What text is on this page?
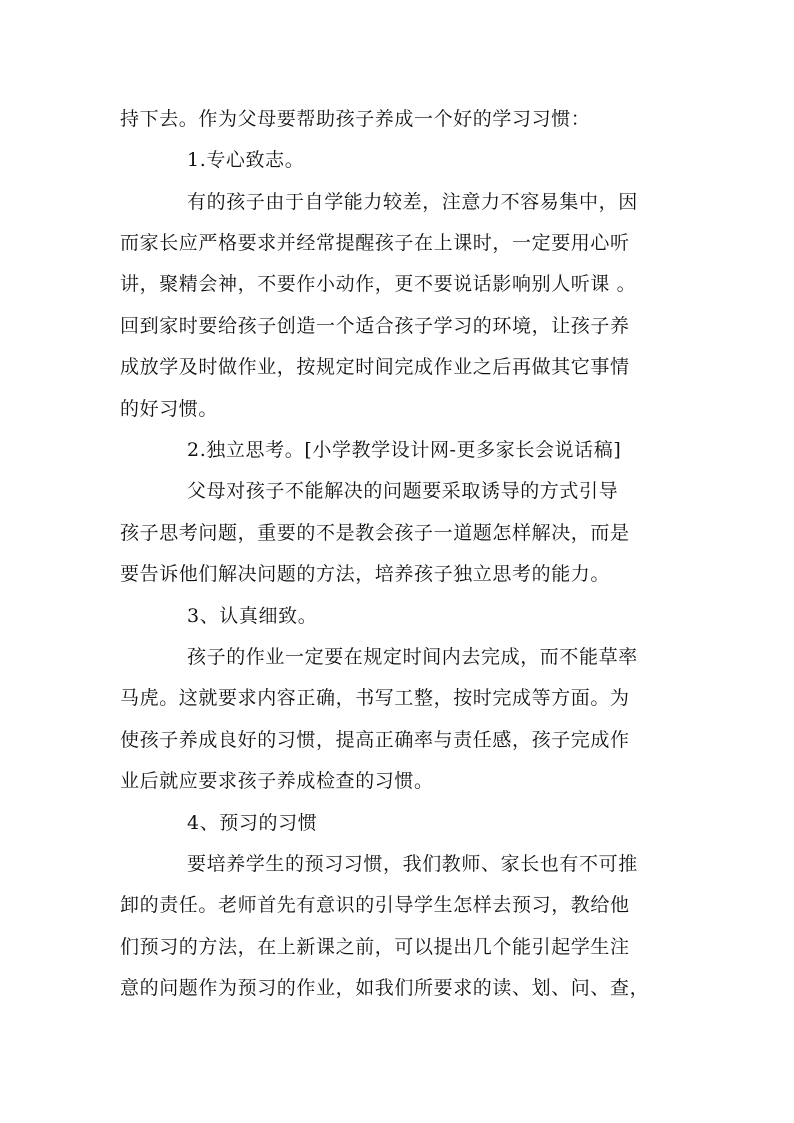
持下去。作为父母要帮助孩子养成一个好的学习习惯：
1.专心致志。
有的孩子由于自学能力较差，注意力不容易集中，因
而家长应严格要求并经常提醒孩子在上课时，一定要用心听
讲，聚精会神，不要作小动作，更不要说话影响别人听课 。
回到家时要给孩子创造一个适合孩子学习的环境，让孩子养
成放学及时做作业，按规定时间完成作业之后再做其它事情
的好习惯。
2.独立思考。[小学教学设计网-更多家长会说话稿]
父母对孩子不能解决的问题要采取诱导的方式引导
孩子思考问题，重要的不是教会孩子一道题怎样解决，而是
要告诉他们解决问题的方法，培养孩子独立思考的能力。
3、认真细致。
孩子的作业一定要在规定时间内去完成，而不能草率
马虎。这就要求内容正确，书写工整，按时完成等方面。为
使孩子养成良好的习惯，提高正确率与责任感，孩子完成作
业后就应要求孩子养成检查的习惯。
4、预习的习惯
要培养学生的预习习惯，我们教师、家长也有不可推
卸的责任。老师首先有意识的引导学生怎样去预习，教给他
们预习的方法，在上新课之前，可以提出几个能引起学生注
意的问题作为预习的作业，如我们所要求的读、划、问、查，
